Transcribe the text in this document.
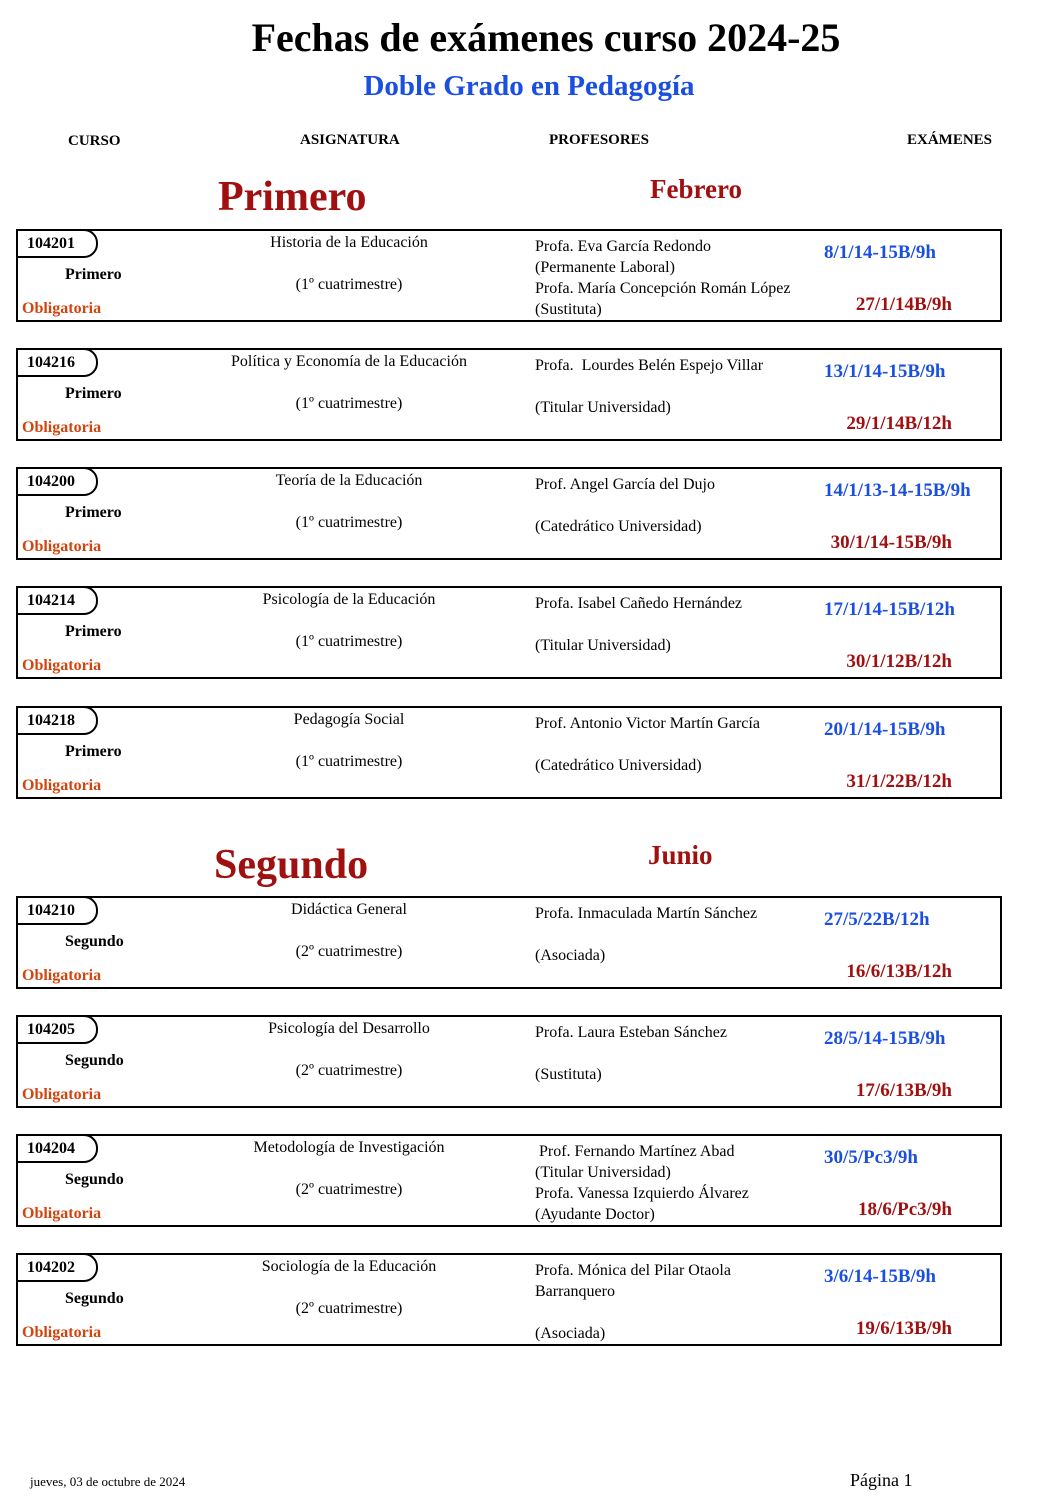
Fechas de exámenes curso 2024-25
Doble Grado en Pedagogía
CURSO	ASIGNATURA	PROFESORES	EXÁMENES
Primero	Febrero
Segundo	Junio
104201
Primero
Obligatoria
Historia de la Educación
(1º cuatrimestre)
Profa. Eva García Redondo
(Permanente Laboral)
Profa. María Concepción Román López
(Sustituta)
8/1/14-15B/9h
27/1/14B/9h
104216
Primero
Obligatoria
Política y Economía de la Educación
(1º cuatrimestre)
Profa.  Lourdes Belén Espejo Villar
(Titular Universidad)
13/1/14-15B/9h
29/1/14B/12h
104200
Primero
Obligatoria
Teoría de la Educación
(1º cuatrimestre)
Prof. Angel García del Dujo
(Catedrático Universidad)
14/1/13-14-15B/9h
30/1/14-15B/9h
104214
Primero
Obligatoria
Psicología de la Educación
(1º cuatrimestre)
Profa. Isabel Cañedo Hernández
(Titular Universidad)
17/1/14-15B/12h
30/1/12B/12h
104218
Primero
Obligatoria
Pedagogía Social
(1º cuatrimestre)
Prof. Antonio Victor Martín García
(Catedrático Universidad)
20/1/14-15B/9h
31/1/22B/12h
104210
Segundo
Obligatoria
Didáctica General
(2º cuatrimestre)
Profa. Inmaculada Martín Sánchez
(Asociada)
27/5/22B/12h
16/6/13B/12h
104205
Segundo
Obligatoria
Psicología del Desarrollo
(2º cuatrimestre)
Profa. Laura Esteban Sánchez
(Sustituta)
28/5/14-15B/9h
17/6/13B/9h
104204
Segundo
Obligatoria
Metodología de Investigación
(2º cuatrimestre)
Prof. Fernando Martínez Abad
(Titular Universidad)
Profa. Vanessa Izquierdo Álvarez
(Ayudante Doctor)
30/5/Pc3/9h
18/6/Pc3/9h
104202
Segundo
Obligatoria
Sociología de la Educación
(2º cuatrimestre)
Profa. Mónica del Pilar Otaola
Barranquero
(Asociada)
3/6/14-15B/9h
19/6/13B/9h
jueves, 03 de octubre de 2024	Página 1
